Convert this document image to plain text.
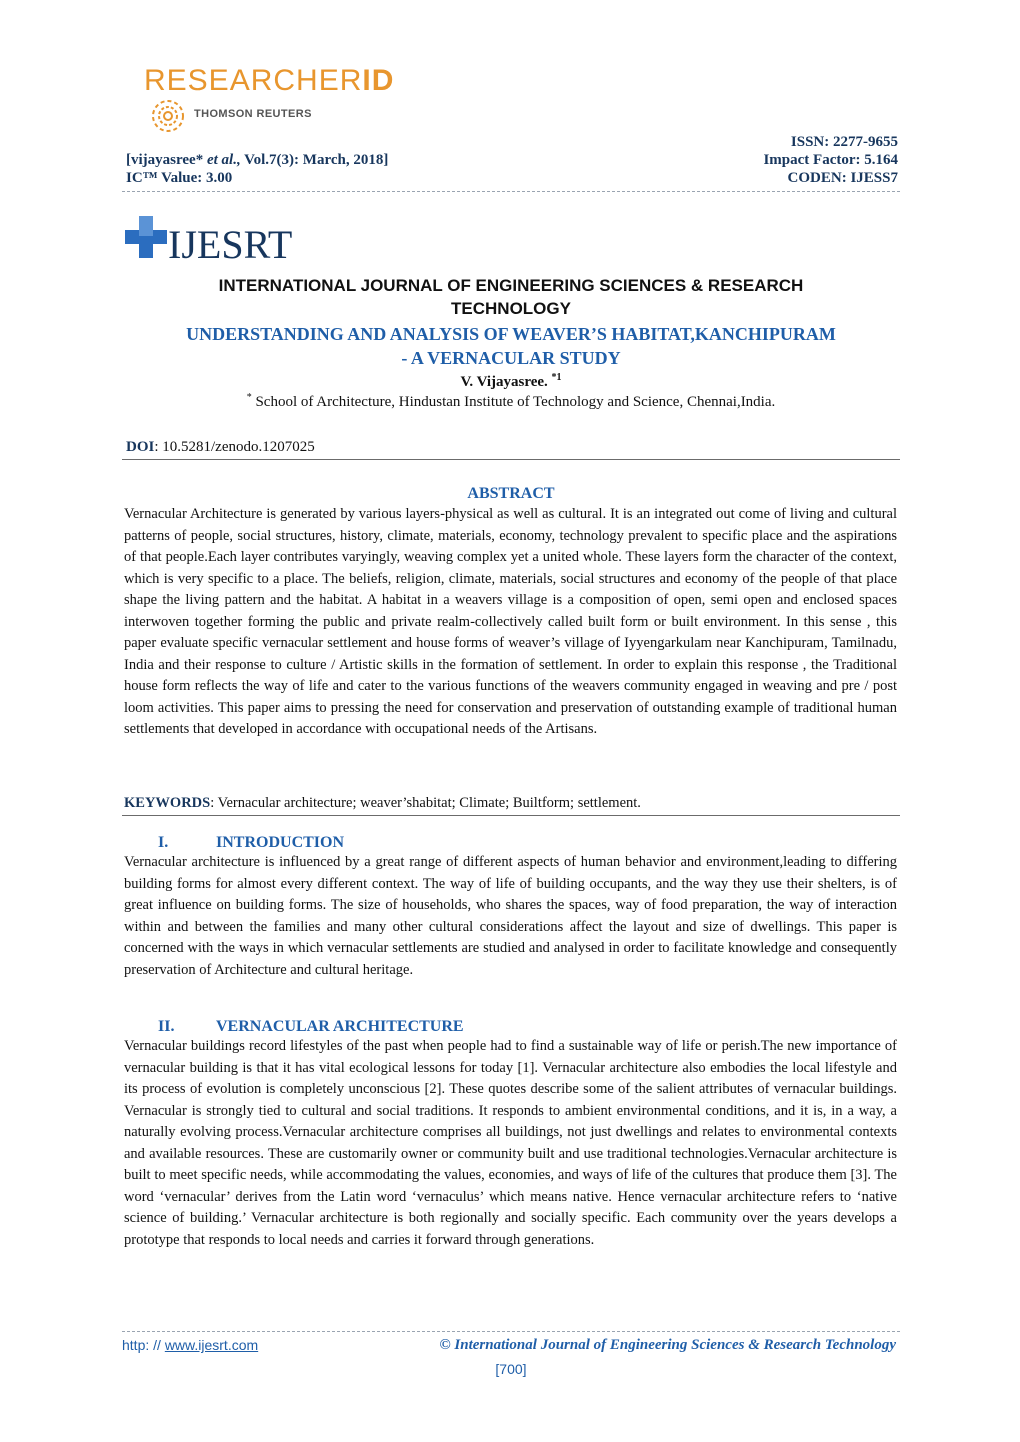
RESEARCHERID
THOMSON REUTERS
ISSN: 2277-9655
[vijayasree* et al., Vol.7(3): March, 2018]	Impact Factor: 5.164
IC™ Value: 3.00	CODEN: IJESS7
IJESRT
INTERNATIONAL JOURNAL OF ENGINEERING SCIENCES & RESEARCH
TECHNOLOGY
UNDERSTANDING AND ANALYSIS OF WEAVER’S HABITAT,KANCHIPURAM
- A VERNACULAR STUDY
V. Vijayasree. $^{*1}$
* School of Architecture, Hindustan Institute of Technology and Science, Chennai,India.
DOI: 10.5281/zenodo.1207025
ABSTRACT
Vernacular Architecture is generated by various layers-physical as well as cultural. It is an integrated out come of living and cultural patterns of people, social structures, history, climate, materials, economy, technology prevalent to specific place and the aspirations of that people.Each layer contributes varyingly, weaving complex yet a united whole. These layers form the character of the context, which is very specific to a place. The beliefs, religion, climate, materials, social structures and economy of the people of that place shape the living pattern and the habitat. A habitat in a weavers village is a composition of open, semi open and enclosed spaces interwoven together forming the public and private realm-collectively called built form or built environment. In this sense , this paper evaluate specific vernacular settlement and house forms of weaver’s village of Iyyengarkulam near Kanchipuram, Tamilnadu, India and their response to culture / Artistic skills in the formation of settlement. In order to explain this response , the Traditional house form reflects the way of life and cater to the various functions of the weavers community engaged in weaving and pre / post loom activities. This paper aims to pressing the need for conservation and preservation of outstanding example of traditional human settlements that developed in accordance with occupational needs of the Artisans.
KEYWORDS: Vernacular architecture; weaver’shabitat; Climate; Builtform; settlement.
I.	INTRODUCTION
Vernacular architecture is influenced by a great range of different aspects of human behavior and environment,leading to differing building forms for almost every different context. The way of life of building occupants, and the way they use their shelters, is of great influence on building forms. The size of households, who shares the spaces, way of food preparation, the way of interaction within and between the families and many other cultural considerations affect the layout and size of dwellings. This paper is concerned with the ways in which vernacular settlements are studied and analysed in order to facilitate knowledge and consequently preservation of Architecture and cultural heritage.
II.	VERNACULAR ARCHITECTURE
Vernacular buildings record lifestyles of the past when people had to find a sustainable way of life or perish.The new importance of vernacular building is that it has vital ecological lessons for today [1]. Vernacular architecture also embodies the local lifestyle and its process of evolution is completely unconscious [2]. These quotes describe some of the salient attributes of vernacular buildings. Vernacular is strongly tied to cultural and social traditions. It responds to ambient environmental conditions, and it is, in a way, a naturally evolving process.Vernacular architecture comprises all buildings, not just dwellings and relates to environmental contexts and available resources. These are customarily owner or community built and use traditional technologies.Vernacular architecture is built to meet specific needs, while accommodating the values, economies, and ways of life of the cultures that produce them [3]. The word ‘vernacular’ derives from the Latin word ‘vernaculus’ which means native. Hence vernacular architecture refers to ‘native science of building.’ Vernacular architecture is both regionally and socially specific. Each community over the years develops a prototype that responds to local needs and carries it forward through generations.
http: // www.ijesrt.com	© International Journal of Engineering Sciences & Research Technology
[700]
